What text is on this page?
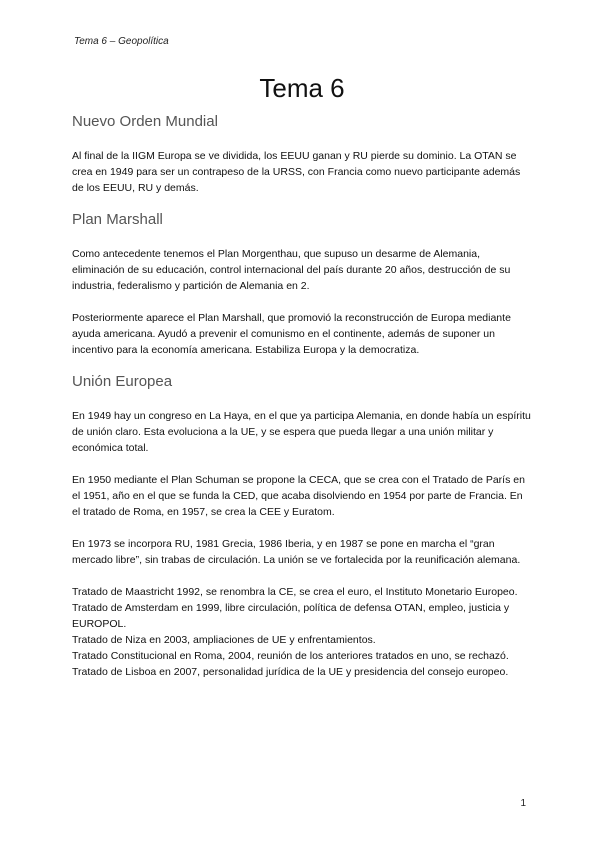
Tema 6 – Geopolítica
Tema 6
Nuevo Orden Mundial

Al final de la IIGM Europa se ve dividida, los EEUU ganan y RU pierde su dominio. La OTAN se crea en 1949 para ser un contrapeso de la URSS, con Francia como nuevo participante además de los EEUU, RU y demás.

Plan Marshall

Como antecedente tenemos el Plan Morgenthau, que supuso un desarme de Alemania, eliminación de su educación, control internacional del país durante 20 años, destrucción de su industria, federalismo y partición de Alemania en 2.

Posteriormente aparece el Plan Marshall, que promovió la reconstrucción de Europa mediante ayuda americana. Ayudó a prevenir el comunismo en el continente, además de suponer un incentivo para la economía americana. Estabiliza Europa y la democratiza.

Unión Europea

En 1949 hay un congreso en La Haya, en el que ya participa Alemania, en donde había un espíritu de unión claro. Esta evoluciona a la UE, y se espera que pueda llegar a una unión militar y económica total.

En 1950 mediante el Plan Schuman se propone la CECA, que se crea con el Tratado de París en el 1951, año en el que se funda la CED, que acaba disolviendo en 1954 por parte de Francia. En el tratado de Roma, en 1957, se crea la CEE y Euratom.

En 1973 se incorpora RU, 1981 Grecia, 1986 Iberia, y en 1987 se pone en marcha el “gran mercado libre”, sin trabas de circulación. La unión se ve fortalecida por la reunificación alemana.

Tratado de Maastricht 1992, se renombra la CE, se crea el euro, el Instituto Monetario Europeo.

Tratado de Amsterdam en 1999, libre circulación, política de defensa OTAN, empleo, justicia y EUROPOL.

Tratado de Niza en 2003, ampliaciones de UE y enfrentamientos.

Tratado Constitucional en Roma, 2004, reunión de los anteriores tratados en uno, se rechazó.

Tratado de Lisboa en 2007, personalidad jurídica de la UE y presidencia del consejo europeo.

1
